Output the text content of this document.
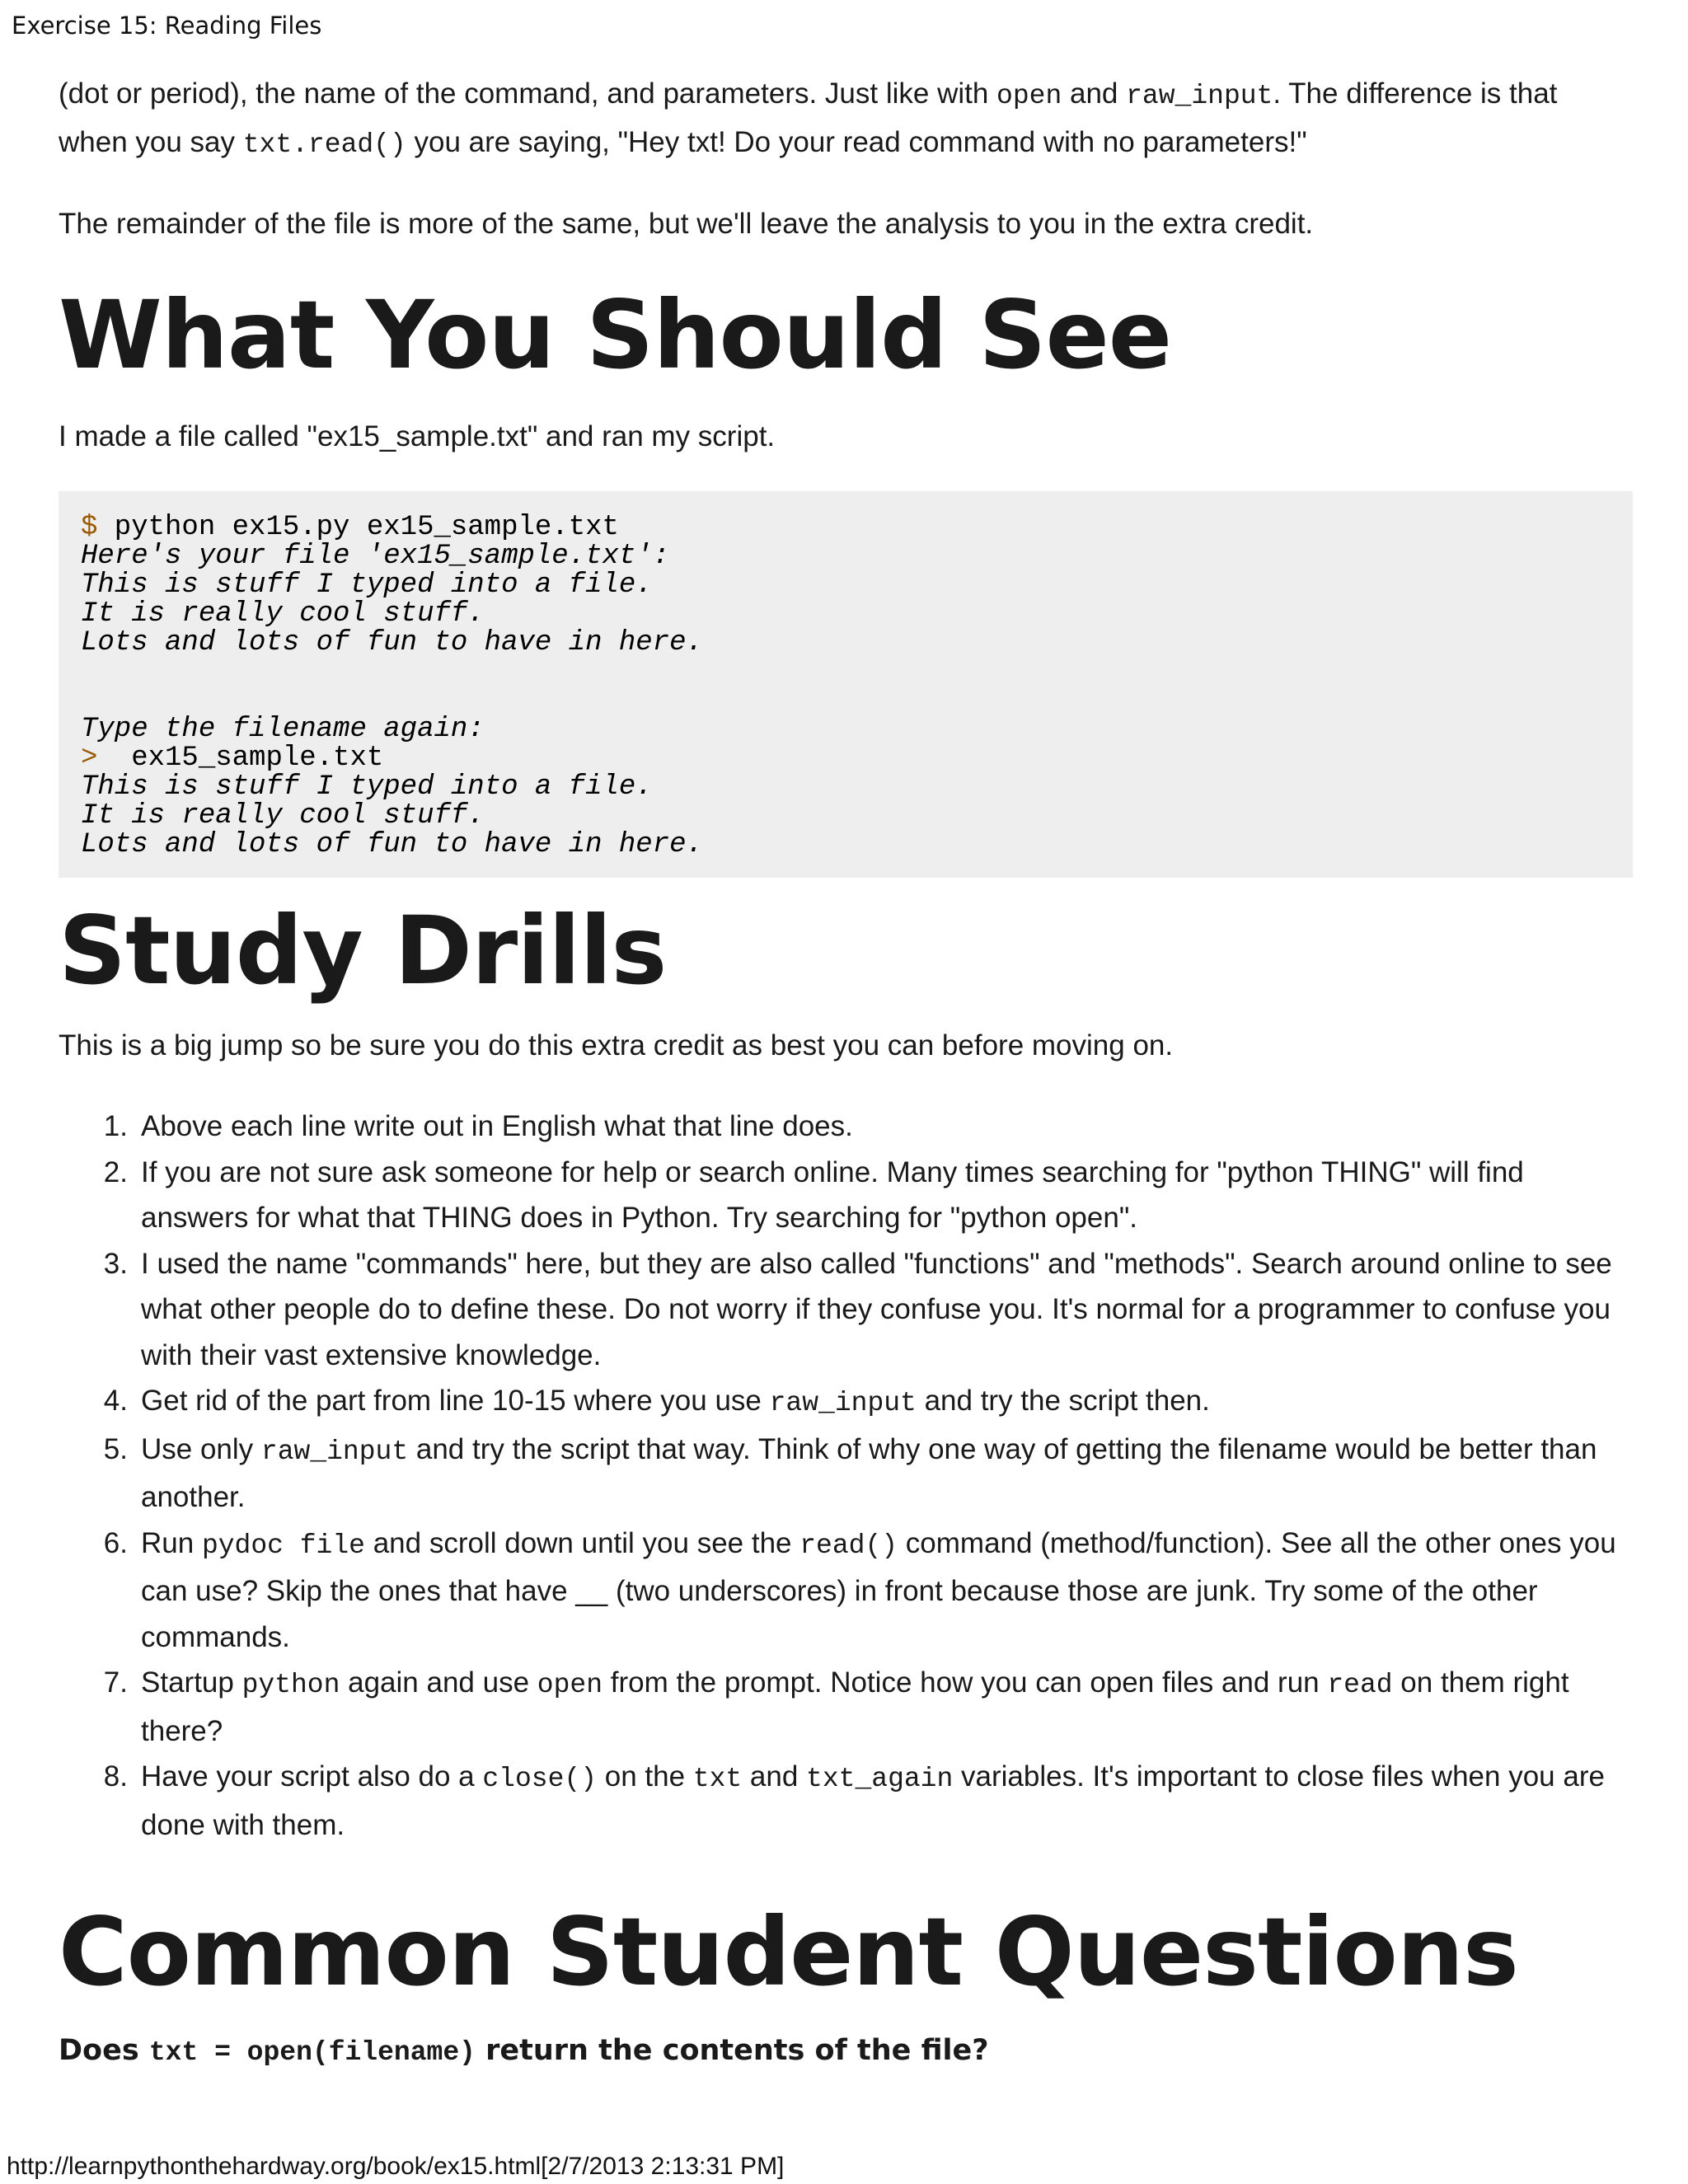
Exercise 15: Reading Files

(dot or period), the name of the command, and parameters. Just like with open and raw_input. The difference is that when you say txt.read() you are saying, "Hey txt! Do your read command with no parameters!"

The remainder of the file is more of the same, but we'll leave the analysis to you in the extra credit.

What You Should See

I made a file called "ex15_sample.txt" and ran my script.

$ python ex15.py ex15_sample.txt
Here's your file 'ex15_sample.txt':
This is stuff I typed into a file.
It is really cool stuff.
Lots and lots of fun to have in here.

Type the filename again:
>  ex15_sample.txt
This is stuff I typed into a file.
It is really cool stuff.
Lots and lots of fun to have in here.
Study Drills

This is a big jump so be sure you do this extra credit as best you can before moving on.

1. Above each line write out in English what that line does.
2. If you are not sure ask someone for help or search online. Many times searching for "python THING" will find answers for what that THING does in Python. Try searching for "python open".
3. I used the name "commands" here, but they are also called "functions" and "methods". Search around online to see what other people do to define these. Do not worry if they confuse you. It's normal for a programmer to confuse you with their vast extensive knowledge.
4. Get rid of the part from line 10-15 where you use raw_input and try the script then.
5. Use only raw_input and try the script that way. Think of why one way of getting the filename would be better than another.
6. Run pydoc file and scroll down until you see the read() command (method/function). See all the other ones you can use? Skip the ones that have __ (two underscores) in front because those are junk. Try some of the other commands.
7. Startup python again and use open from the prompt. Notice how you can open files and run read on them right there?
8. Have your script also do a close() on the txt and txt_again variables. It's important to close files when you are done with them.
Common Student Questions

Does txt = open(filename) return the contents of the file?

http://learnpythonthehardway.org/book/ex15.html[2/7/2013 2:13:31 PM]
